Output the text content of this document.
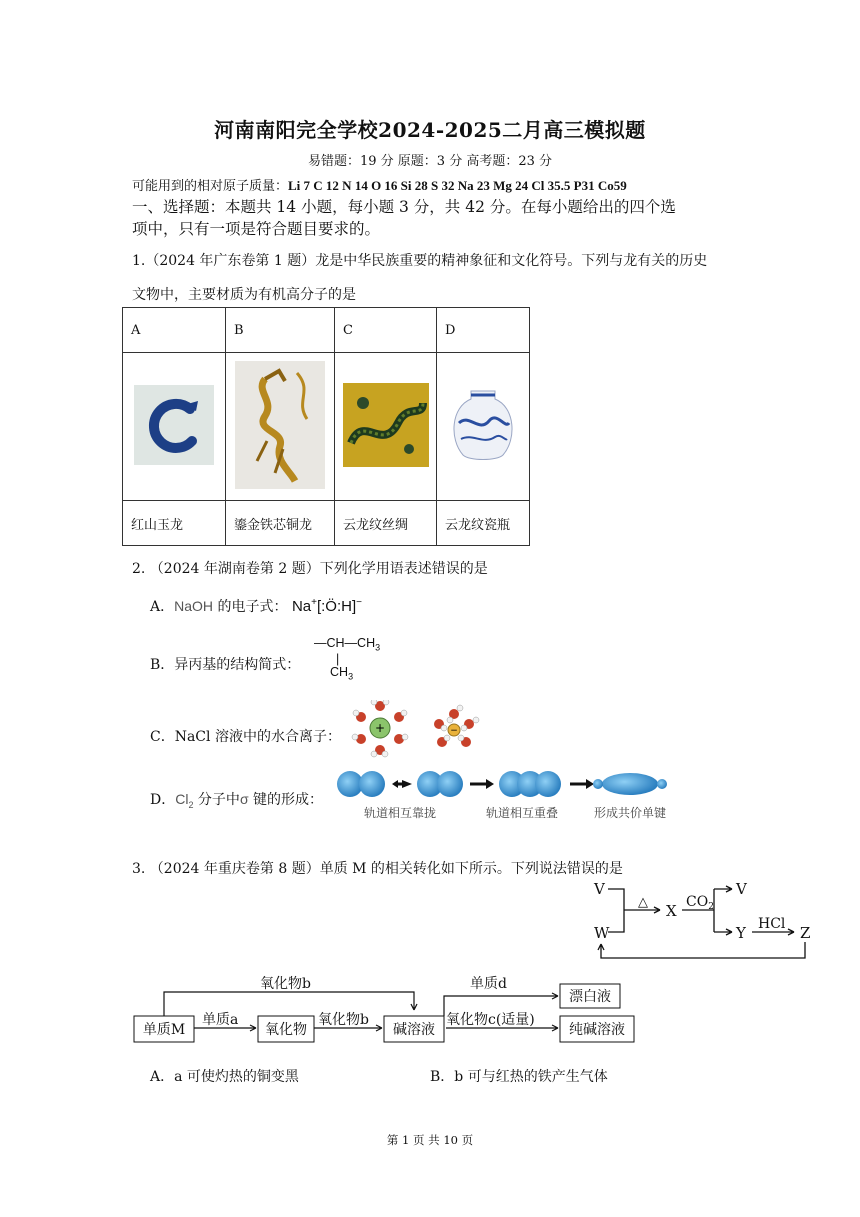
河南南阳完全学校2024-2025二月高三模拟题
易错题：19 分 原题：3 分 高考题：23 分
可能用到的相对原子质量：Li 7 C 12 N 14 O 16 Si 28 S 32 Na 23 Mg 24 Cl 35.5 P31 Co59
一、选择题：本题共 14 小题，每小题 3 分，共 42 分。在每小题给出的四个选
项中，只有一项是符合题目要求的。
1.（2024 年广东卷第 1 题）龙是中华民族重要的精神象征和文化符号。下列与龙有关的历史
文物中，主要材质为有机高分子的是
A	B	C	D

红山玉龙	鎏金铁芯铜龙	云龙纹丝绸	云龙纹瓷瓶
2. （2024 年湖南卷第 2 题）下列化学用语表述错误的是
A．NaOH 的电子式： Na+[:Ö:H]−
B．异丙基的结构简式：
$—CH—CH_3$
|
$CH_3$
C．NaCl 溶液中的水合离子：
+	−
D．$Cl_2$ 分子中σ 键的形成：
轨道相互靠拢	轨道相互重叠	形成共价单键
3. （2024 年重庆卷第 8 题）单质 M 的相关转化如下所示。下列说法错误的是
V
W
X
V
Y	Z
△	$CO_2$
HCl
氧化物b
单质a	氧化物b
单质d
氧化物c(适量)
单质M	氧化物	碱溶液
漂白液
纯碱溶液
A．a 可使灼热的铜变黑	B．b 可与红热的铁产生气体
第 1 页 共 10 页
